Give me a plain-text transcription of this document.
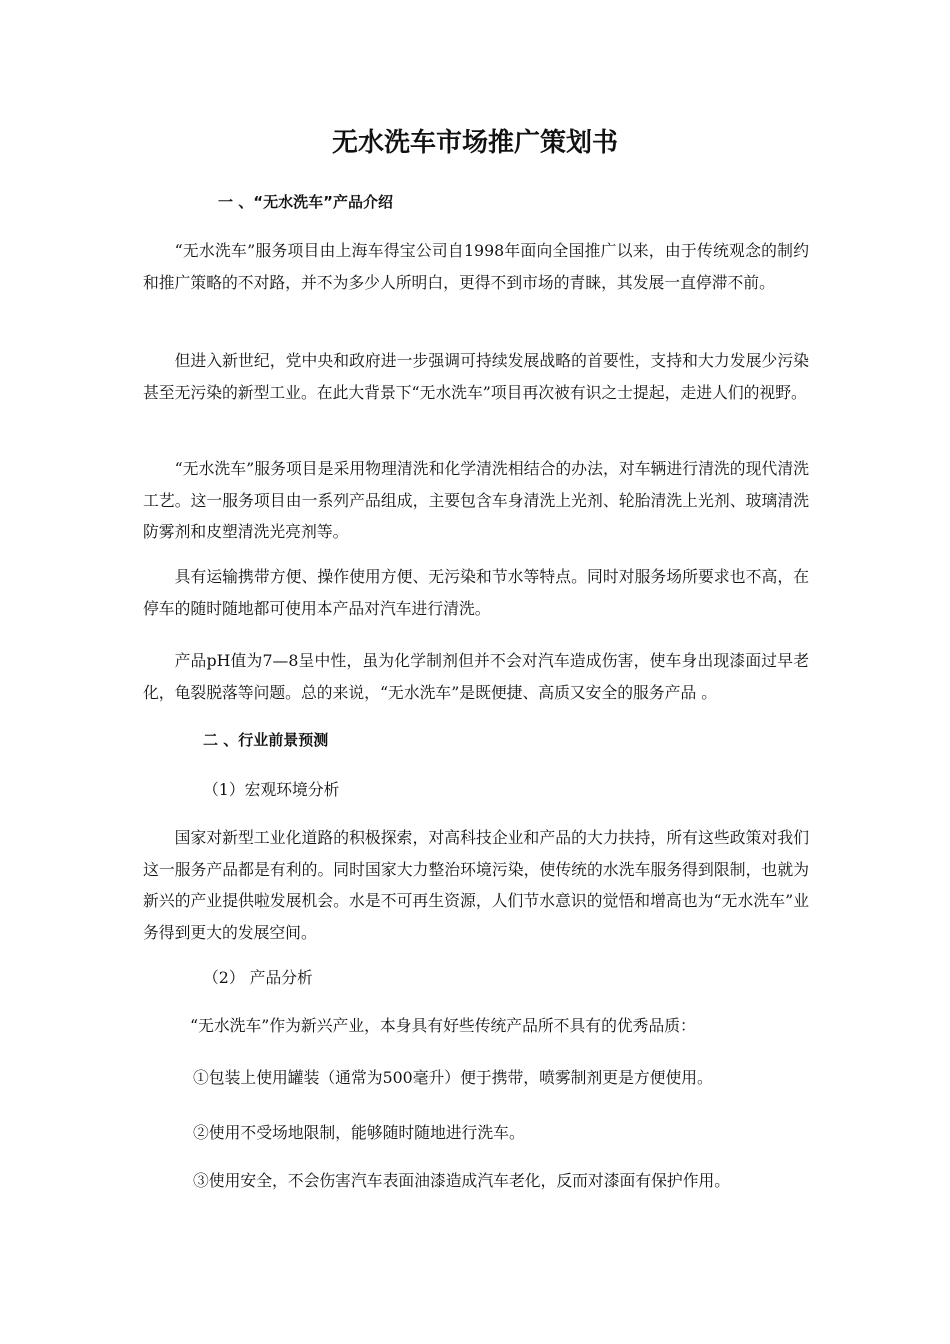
无水洗车市场推广策划书
一 、“无水洗车”产品介绍

“无水洗车”服务项目由上海车得宝公司自1998年面向全国推广以来，由于传统观念的制约和推广策略的不对路，并不为多少人所明白，更得不到市场的青睐，其发展一直停滞不前。

但进入新世纪，党中央和政府进一步强调可持续发展战略的首要性，支持和大力发展少污染甚至无污染的新型工业。在此大背景下“无水洗车”项目再次被有识之士提起，走进人们的视野。

“无水洗车”服务项目是采用物理清洗和化学清洗相结合的办法，对车辆进行清洗的现代清洗工艺。这一服务项目由一系列产品组成，主要包含车身清洗上光剂、轮胎清洗上光剂、玻璃清洗防雾剂和皮塑清洗光亮剂等。

具有运输携带方便、操作使用方便、无污染和节水等特点。同时对服务场所要求也不高，在停车的随时随地都可使用本产品对汽车进行清洗。

产品pH值为7—8呈中性，虽为化学制剂但并不会对汽车造成伤害，使车身出现漆面过早老化，龟裂脱落等问题。总的来说，“无水洗车”是既便捷、高质又安全的服务产品 。

二 、行业前景预测
（1）宏观环境分析

国家对新型工业化道路的积极探索，对高科技企业和产品的大力扶持，所有这些政策对我们这一服务产品都是有利的。同时国家大力整治环境污染，使传统的水洗车服务得到限制，也就为新兴的产业提供啦发展机会。水是不可再生资源，人们节水意识的觉悟和增高也为“无水洗车”业务得到更大的发展空间。

（2） 产品分析
“无水洗车”作为新兴产业，本身具有好些传统产品所不具有的优秀品质：
①包装上使用罐装（通常为500毫升）便于携带，喷雾制剂更是方便使用。
②使用不受场地限制，能够随时随地进行洗车。
③使用安全，不会伤害汽车表面油漆造成汽车老化，反而对漆面有保护作用。
